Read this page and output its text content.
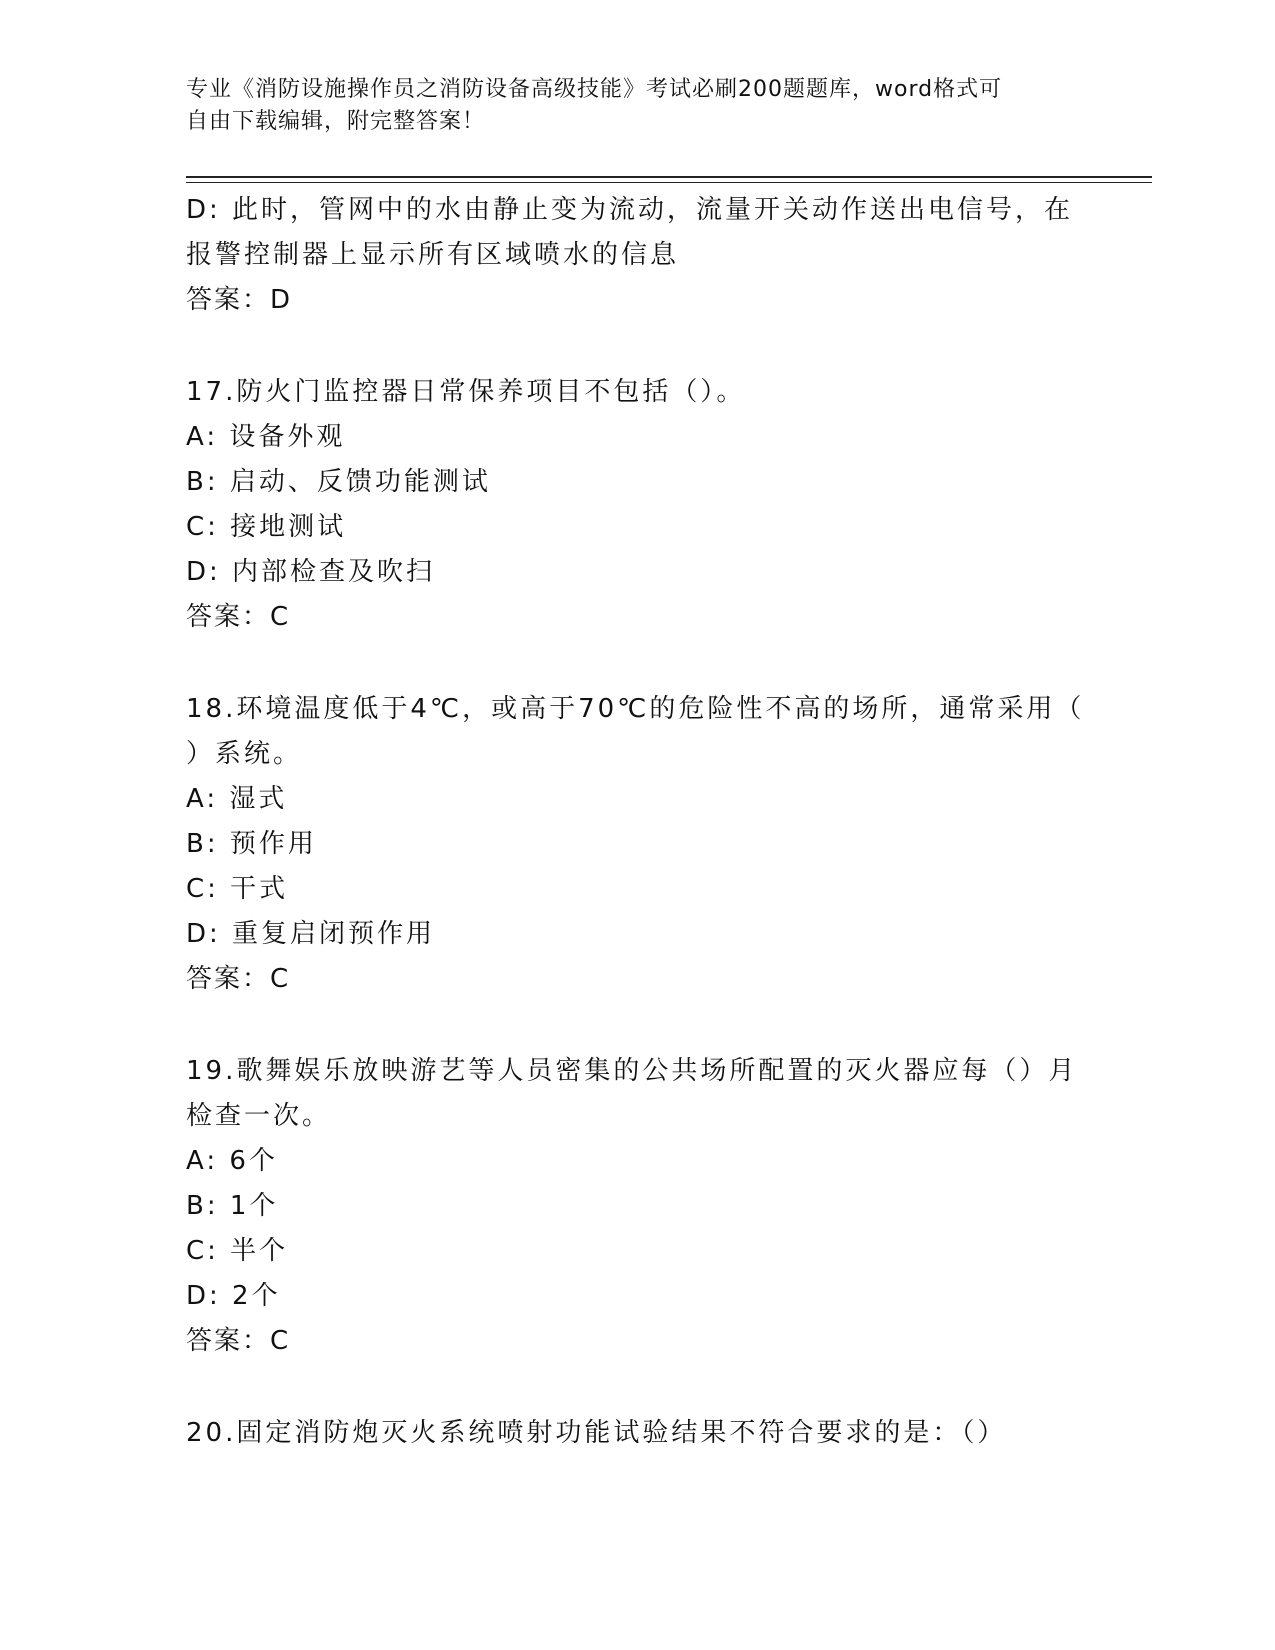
专业《消防设施操作员之消防设备高级技能》考试必刷200题题库，word格式可
自由下载编辑，附完整答案！
D: 此时，管网中的水由静止变为流动，流量开关动作送出电信号，在
报警控制器上显示所有区域喷水的信息
答案：D
17.防火门监控器日常保养项目不包括（）。
A: 设备外观
B: 启动、反馈功能测试
C: 接地测试
D: 内部检查及吹扫
答案：C
18.环境温度低于4℃，或高于70℃的危险性不高的场所，通常采用（
）系统。
A: 湿式
B: 预作用
C: 干式
D: 重复启闭预作用
答案：C
19.歌舞娱乐放映游艺等人员密集的公共场所配置的灭火器应每（）月
检查一次。
A: 6个
B: 1个
C: 半个
D: 2个
答案：C
20.固定消防炮灭火系统喷射功能试验结果不符合要求的是：（）
